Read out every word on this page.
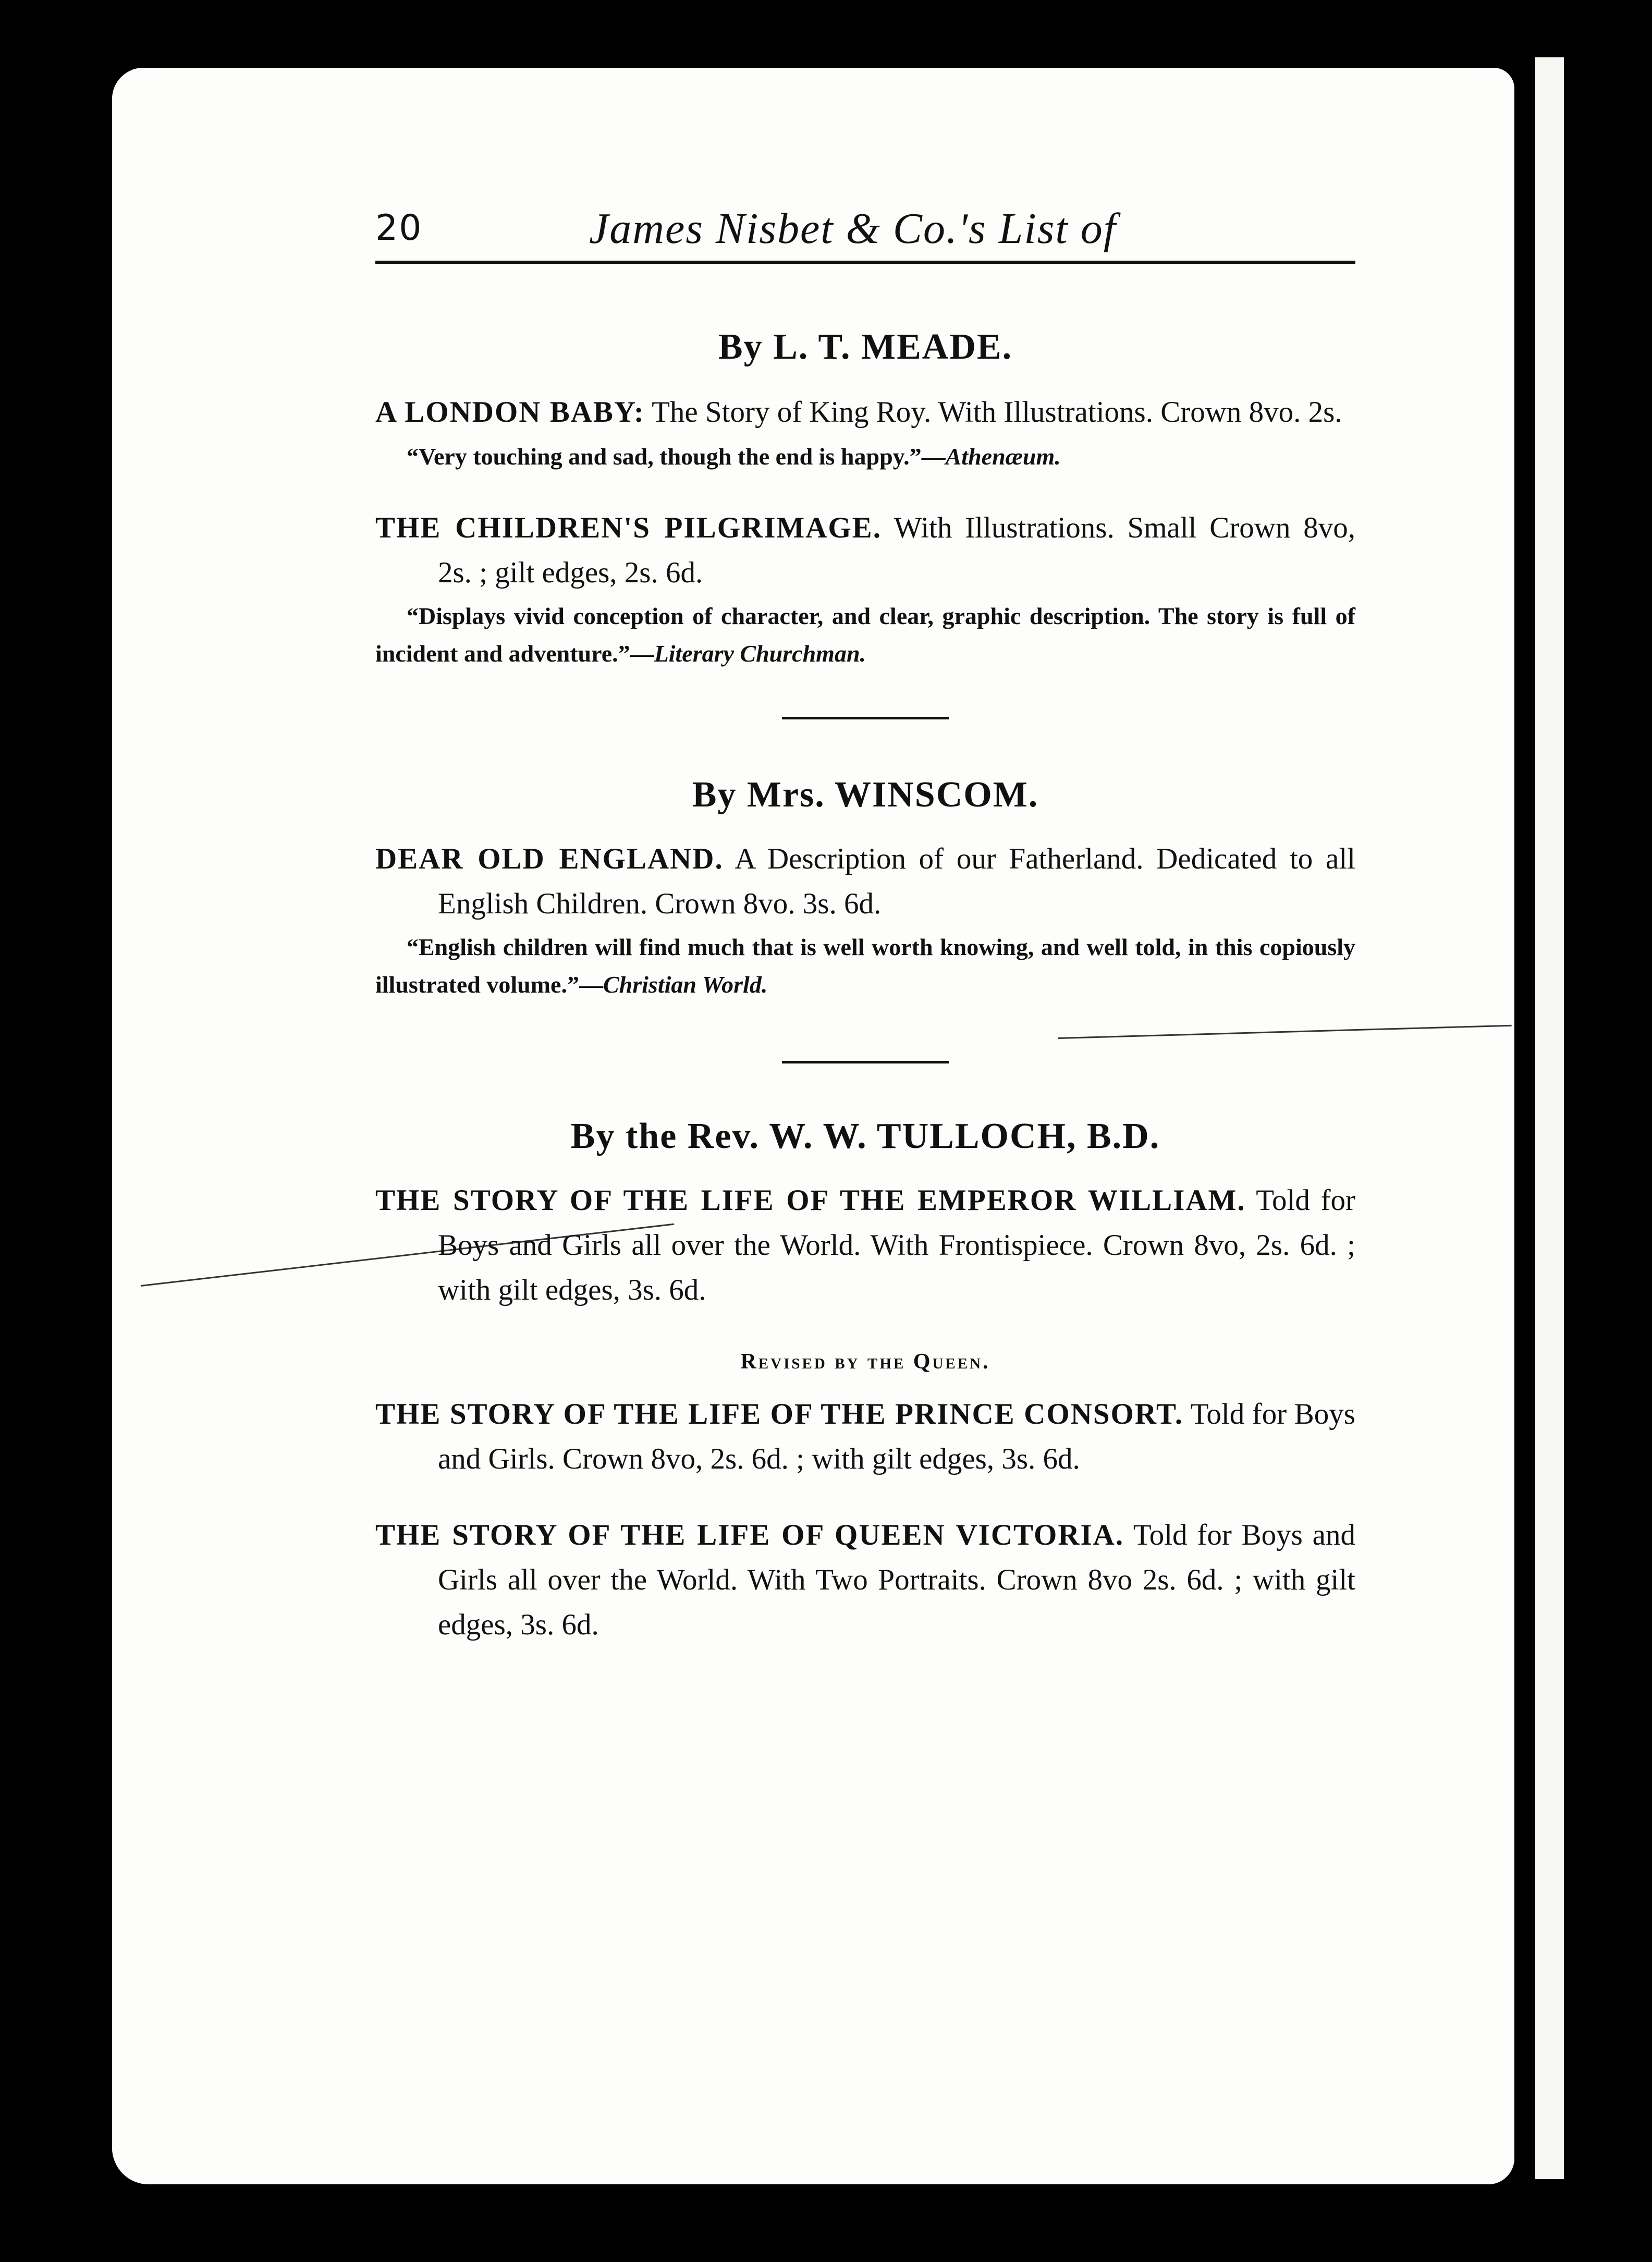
20	James Nisbet & Co.'s List of
By L. T. MEADE.

A LONDON BABY: The Story of King Roy. With Illustrations. Crown 8vo. 2s.

“Very touching and sad, though the end is happy.”—Athenæum.

THE CHILDREN'S PILGRIMAGE. With Illustrations. Small Crown 8vo, 2s. ; gilt edges, 2s. 6d.

“Displays vivid conception of character, and clear, graphic description. The story is full of incident and adventure.”—Literary Churchman.

By Mrs. WINSCOM.

DEAR OLD ENGLAND. A Description of our Fatherland. Dedicated to all English Children. Crown 8vo. 3s. 6d.

“English children will find much that is well worth knowing, and well told, in this copiously illustrated volume.”—Christian World.

By the Rev. W. W. TULLOCH, B.D.

THE STORY OF THE LIFE OF THE EMPEROR WILLIAM. Told for Boys and Girls all over the World. With Frontispiece. Crown 8vo, 2s. 6d. ; with gilt edges, 3s. 6d.

Revised by the Queen.

THE STORY OF THE LIFE OF THE PRINCE CONSORT. Told for Boys and Girls. Crown 8vo, 2s. 6d. ; with gilt edges, 3s. 6d.

THE STORY OF THE LIFE OF QUEEN VICTORIA. Told for Boys and Girls all over the World. With Two Portraits. Crown 8vo 2s. 6d. ; with gilt edges, 3s. 6d.
